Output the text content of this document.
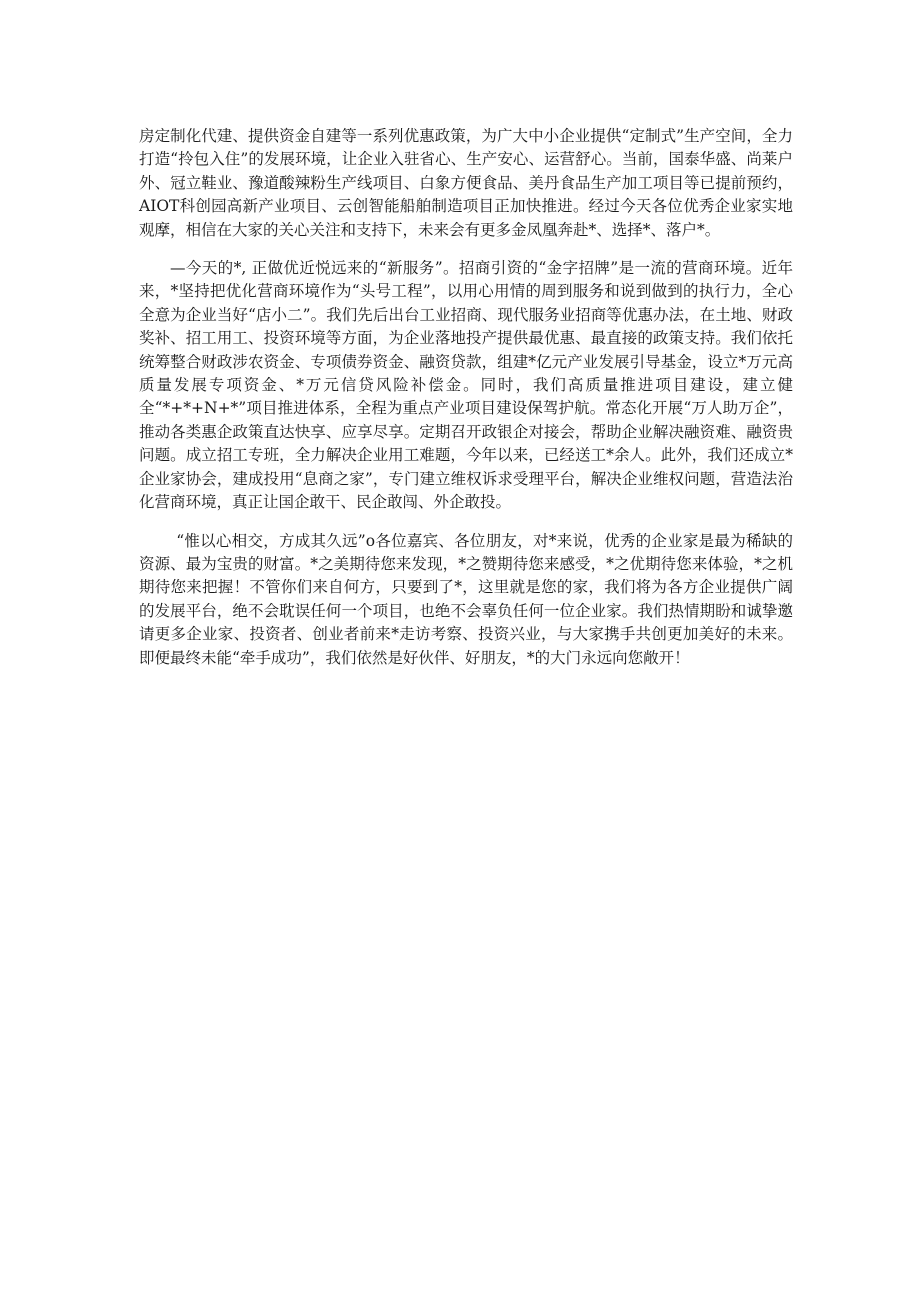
房定制化代建、提供资金自建等一系列优惠政策，为广大中小企业提供“定制式”生产空间，全力打造“拎包入住”的发展环境，让企业入驻省心、生产安心、运营舒心。当前，国泰华盛、尚莱户外、冠立鞋业、豫道酸辣粉生产线项目、白象方便食品、美丹食品生产加工项目等已提前预约，AIOT科创园高新产业项目、云创智能船舶制造项目正加快推进。经过今天各位优秀企业家实地观摩，相信在大家的关心关注和支持下，未来会有更多金凤凰奔赴*、选择*、落户*。

—今天的*, 正做优近悦远来的“新服务”。招商引资的“金字招牌”是一流的营商环境。近年来，*坚持把优化营商环境作为“头号工程”，以用心用情的周到服务和说到做到的执行力，全心全意为企业当好“店小二”。我们先后出台工业招商、现代服务业招商等优惠办法，在土地、财政奖补、招工用工、投资环境等方面，为企业落地投产提供最优惠、最直接的政策支持。我们依托统筹整合财政涉农资金、专项债券资金、融资贷款，组建*亿元产业发展引导基金，设立*万元高质量发展专项资金、*万元信贷风险补偿金。同时，我们高质量推进项目建设，建立健全“*+*+N+*”项目推进体系，全程为重点产业项目建设保驾护航。常态化开展“万人助万企”，推动各类惠企政策直达快享、应享尽享。定期召开政银企对接会，帮助企业解决融资难、融资贵问题。成立招工专班，全力解决企业用工难题，今年以来，已经送工*余人。此外，我们还成立*企业家协会，建成投用“息商之家”，专门建立维权诉求受理平台，解决企业维权问题，营造法治化营商环境，真正让国企敢干、民企敢闯、外企敢投。

“惟以心相交，方成其久远”o各位嘉宾、各位朋友，对*来说，优秀的企业家是最为稀缺的资源、最为宝贵的财富。*之美期待您来发现，*之赞期待您来感受，*之优期待您来体验，*之机期待您来把握！不管你们来自何方，只要到了*，这里就是您的家，我们将为各方企业提供广阔的发展平台，绝不会耽误任何一个项目，也绝不会辜负任何一位企业家。我们热情期盼和诚挚邀请更多企业家、投资者、创业者前来*走访考察、投资兴业，与大家携手共创更加美好的未来。即便最终未能“牵手成功”，我们依然是好伙伴、好朋友，*的大门永远向您敞开！
